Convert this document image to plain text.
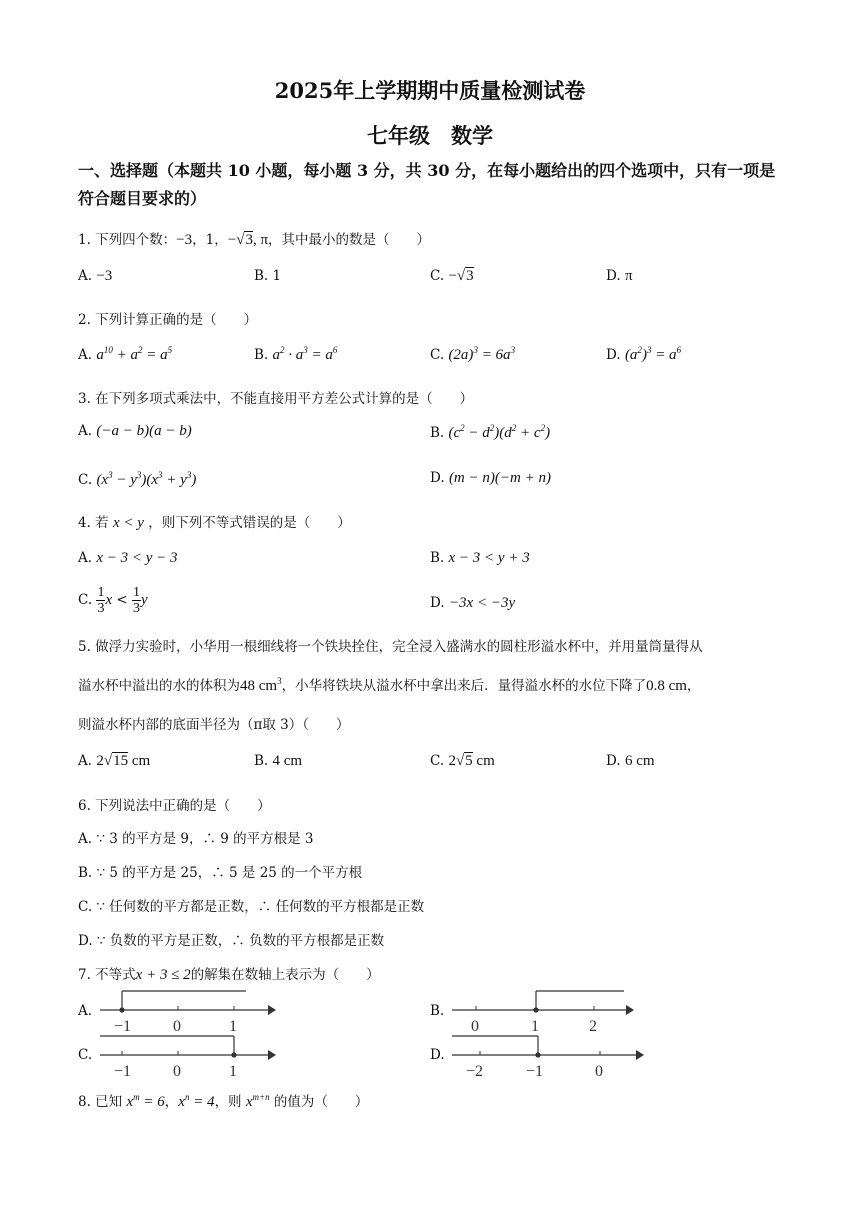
2025年上学期期中质量检测试卷
七年级　数学
一、选择题（本题共 10 小题，每小题 3 分，共 30 分，在每小题给出的四个选项中，只有一项是符合题目要求的）
1. 下列四个数：−3，1，−√3, π，其中最小的数是（　　）
A. −3	B. 1	C. −√3	D. π
2. 下列计算正确的是（　　）
A. $a^{10} + a^2 = a^5$	B. $a^2 \cdot a^3 = a^6$	C. $(2a)^3 = 6a^3$	D. $(a^2)^3 = a^6$
3. 在下列多项式乘法中，不能直接用平方差公式计算的是（　　）
A. (−a − b)(a − b)	B. $(c^2 - d^2)(d^2 + c^2)$
C. $(x^3 - y^3)(x^3 + y^3)$	D. (m − n)(−m + n)
4. 若 x < y ，则下列不等式错误的是（　　）
A. x − 3 < y − 3	B. x − 3 < y + 3
C. $\frac{1}{3}$ $x < \frac{1}{3}$ y	D. −3x < −3y
5. 做浮力实验时，小华用一根细线将一个铁块拴住，完全浸入盛满水的圆柱形溢水杯中，并用量筒量得从
溢水杯中溢出的水的体积为48 $cm^3$，小华将铁块从溢水杯中拿出来后．量得溢水杯的水位下降了0.8 cm，
则溢水杯内部的底面半径为（π取 3）（　　）
A. 2√15 cm	B. 4 cm	C. 2√5 cm	D. 6 cm
6. 下列说法中正确的是（　　）
A. ∵ 3 的平方是 9，∴ 9 的平方根是 3
B. ∵ 5 的平方是 25，∴ 5 是 25 的一个平方根
C. ∵ 任何数的平方都是正数，∴ 任何数的平方根都是正数
D. ∵ 负数的平方是正数，∴ 负数的平方根都是正数
7. 不等式x + 3 ≤ 2的解集在数轴上表示为（　　）
A.
−1	0	1
B.
0	1	2
C.
−1	0	1
D.
−2	−1	0
8. 已知 $x^m = 6$，$x^n = 4$，则 $x^{m+n}$ 的值为（　　）
